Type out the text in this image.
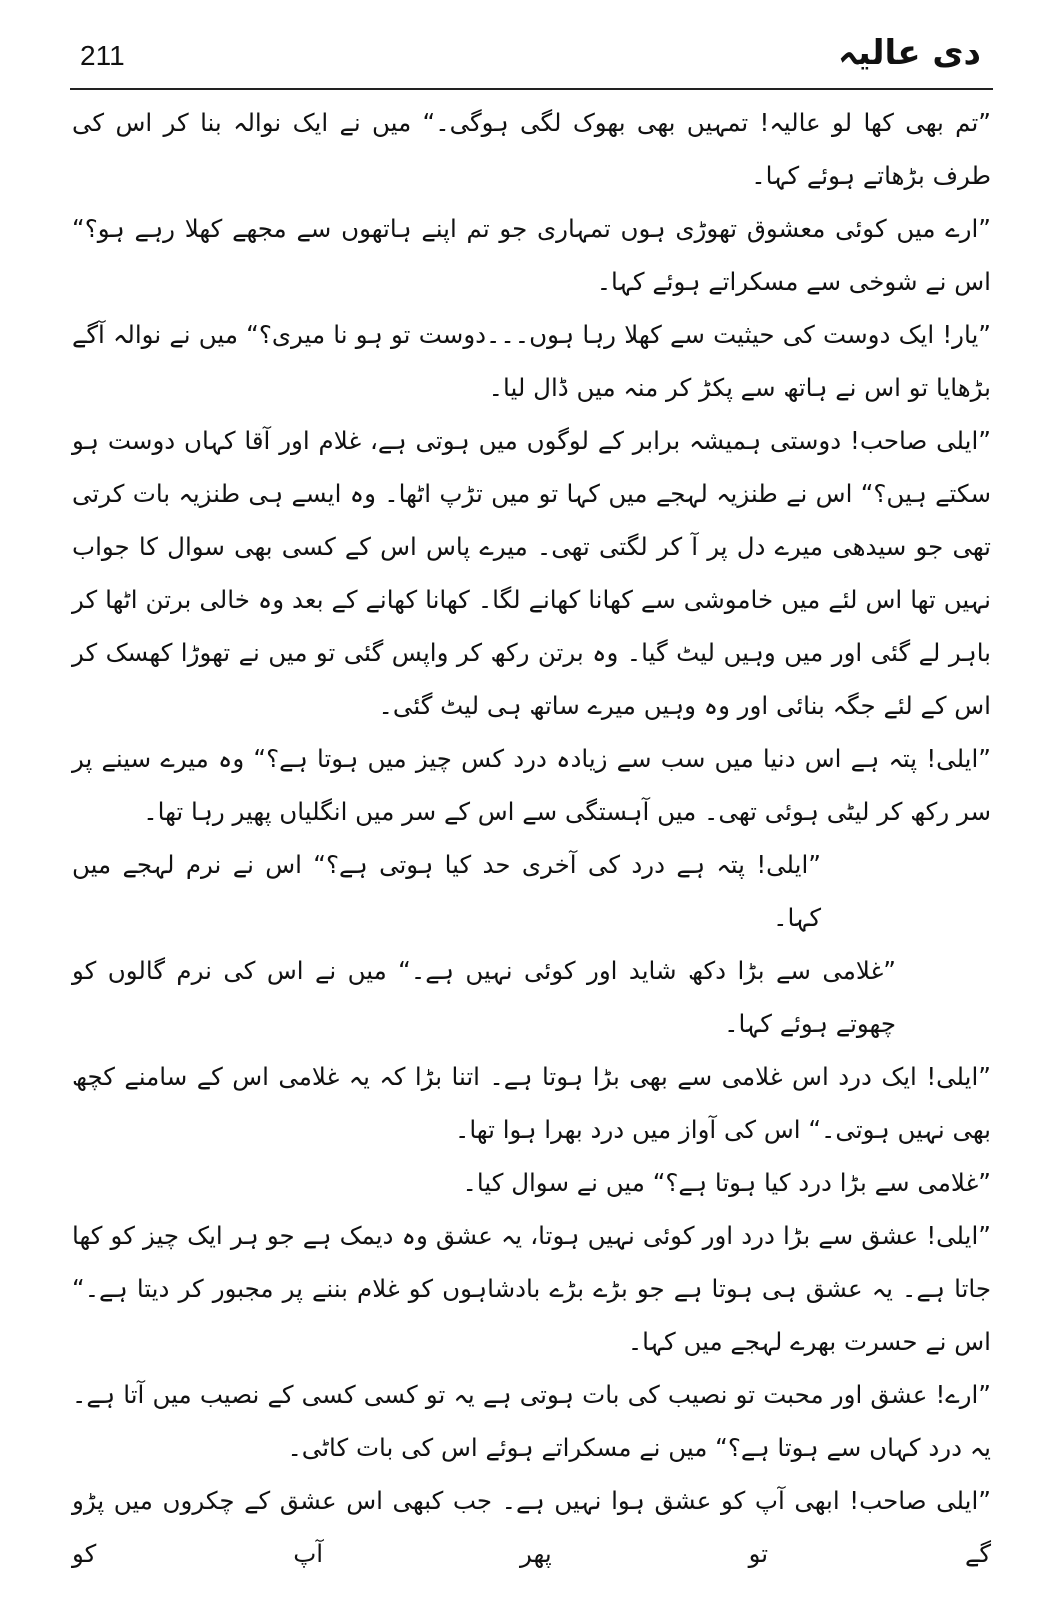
211	دی عالیہ

”تم بھی کھا لو عالیہ! تمہیں بھی بھوک لگی ہوگی۔“ میں نے ایک نوالہ بنا کر اس کی طرف بڑھاتے ہوئے کہا۔

”ارے میں کوئی معشوق تھوڑی ہوں تمہاری جو تم اپنے ہاتھوں سے مجھے کھلا رہے ہو؟“ اس نے شوخی سے مسکراتے ہوئے کہا۔

”یار! ایک دوست کی حیثیت سے کھلا رہا ہوں۔۔۔دوست تو ہو نا میری؟“ میں نے نوالہ آگے بڑھایا تو اس نے ہاتھ سے پکڑ کر منہ میں ڈال لیا۔

”ایلی صاحب! دوستی ہمیشہ برابر کے لوگوں میں ہوتی ہے، غلام اور آقا کہاں دوست ہو سکتے ہیں؟“ اس نے طنزیہ لہجے میں کہا تو میں تڑپ اٹھا۔ وہ ایسے ہی طنزیہ بات کرتی تھی جو سیدھی میرے دل پر آ کر لگتی تھی۔ میرے پاس اس کے کسی بھی سوال کا جواب نہیں تھا اس لئے میں خاموشی سے کھانا کھانے لگا۔ کھانا کھانے کے بعد وہ خالی برتن اٹھا کر باہر لے گئی اور میں وہیں لیٹ گیا۔ وہ برتن رکھ کر واپس گئی تو میں نے تھوڑا کھسک کر اس کے لئے جگہ بنائی اور وہ وہیں میرے ساتھ ہی لیٹ گئی۔

”ایلی! پتہ ہے اس دنیا میں سب سے زیادہ درد کس چیز میں ہوتا ہے؟“ وہ میرے سینے پر سر رکھ کر لیٹی ہوئی تھی۔ میں آہستگی سے اس کے سر میں انگلیاں پھیر رہا تھا۔

”ایلی! پتہ ہے درد کی آخری حد کیا ہوتی ہے؟“ اس نے نرم لہجے میں کہا۔

”غلامی سے بڑا دکھ شاید اور کوئی نہیں ہے۔“ میں نے اس کی نرم گالوں کو چھوتے ہوئے کہا۔

”ایلی! ایک درد اس غلامی سے بھی بڑا ہوتا ہے۔ اتنا بڑا کہ یہ غلامی اس کے سامنے کچھ بھی نہیں ہوتی۔“ اس کی آواز میں درد بھرا ہوا تھا۔

”غلامی سے بڑا درد کیا ہوتا ہے؟“ میں نے سوال کیا۔

”ایلی! عشق سے بڑا درد اور کوئی نہیں ہوتا، یہ عشق وہ دیمک ہے جو ہر ایک چیز کو کھا جاتا ہے۔ یہ عشق ہی ہوتا ہے جو بڑے بڑے بادشاہوں کو غلام بننے پر مجبور کر دیتا ہے۔“ اس نے حسرت بھرے لہجے میں کہا۔

”ارے! عشق اور محبت تو نصیب کی بات ہوتی ہے یہ تو کسی کسی کے نصیب میں آتا ہے۔ یہ درد کہاں سے ہوتا ہے؟“ میں نے مسکراتے ہوئے اس کی بات کاٹی۔

”ایلی صاحب! ابھی آپ کو عشق ہوا نہیں ہے۔ جب کبھی اس عشق کے چکروں میں پڑو گے تو پھر آپ کو
